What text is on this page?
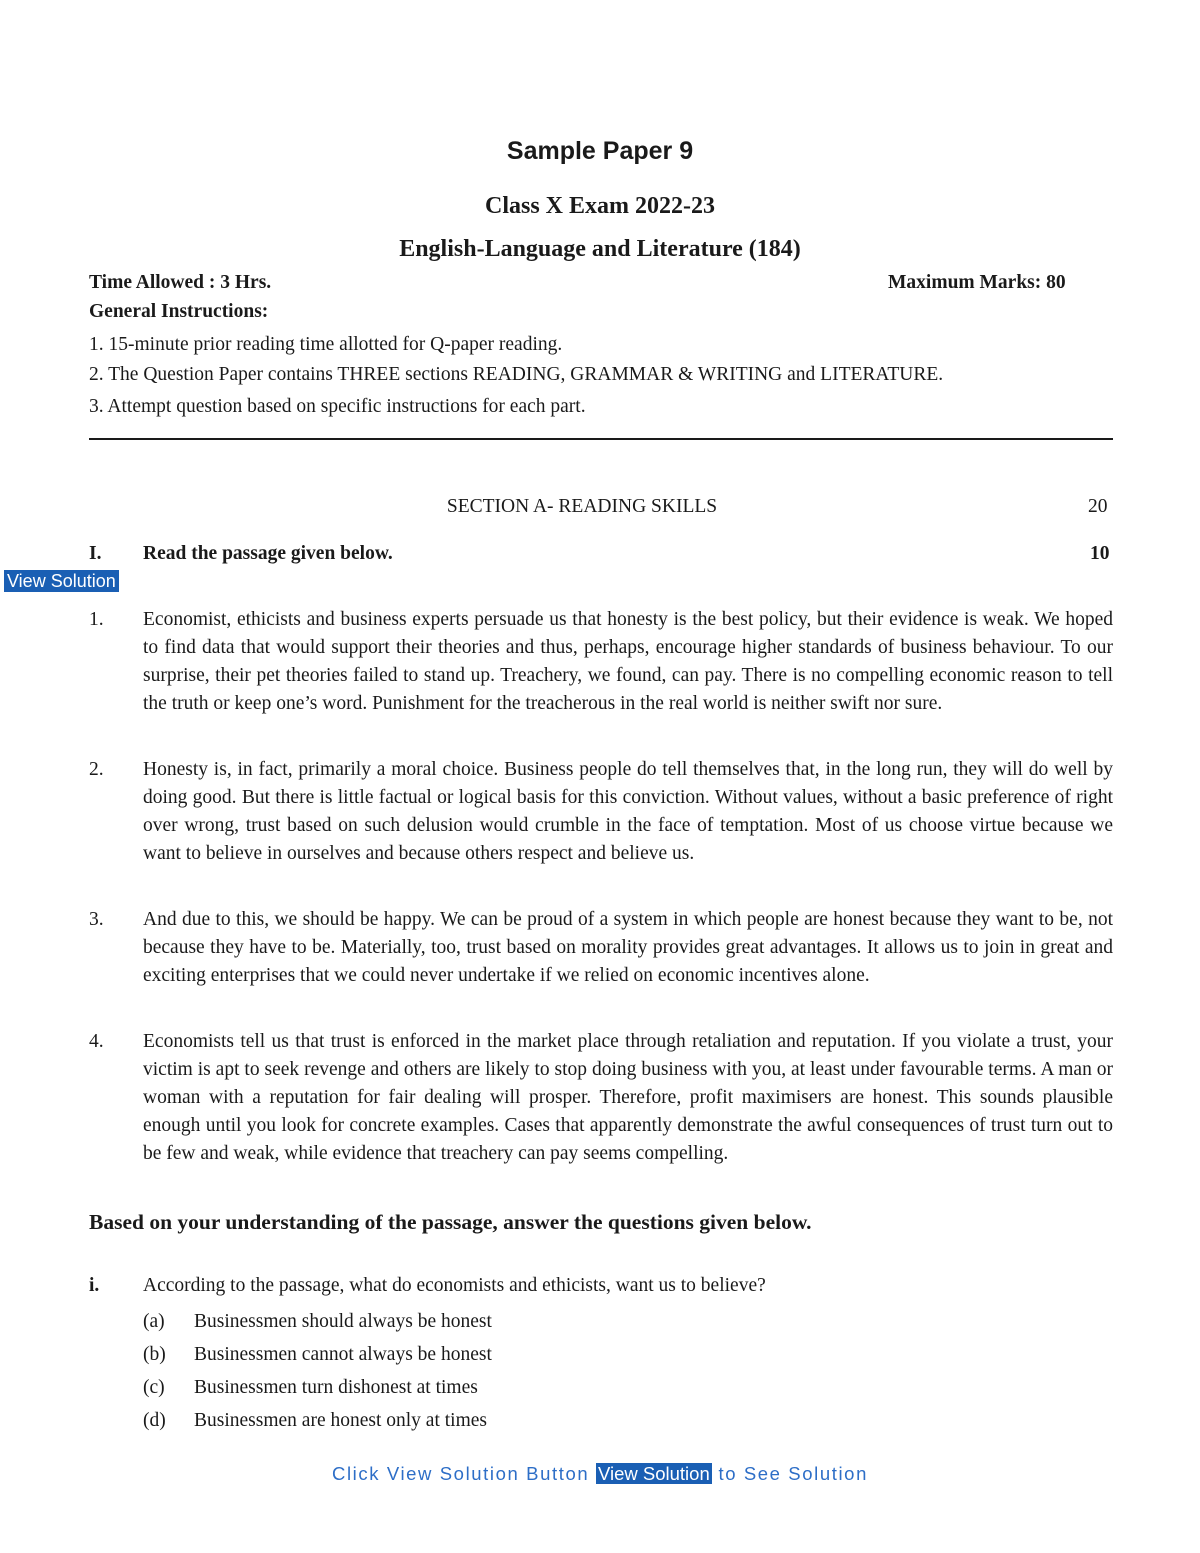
Sample Paper 9
Class X Exam 2022-23
English-Language and Literature (184)
Time Allowed : 3 Hrs.	Maximum Marks: 80
General Instructions:
1. 15-minute prior reading time allotted for Q-paper reading.
2. The Question Paper contains THREE sections READING, GRAMMAR & WRITING and LITERATURE.
3. Attempt question based on specific instructions for each part.
SECTION A- READING SKILLS	20
I. Read the passage given below.	10
View Solution
1.	Economist, ethicists and business experts persuade us that honesty is the best policy, but their evidence is weak. We hoped to find data that would support their theories and thus, perhaps, encourage higher standards of business behaviour. To our surprise, their pet theories failed to stand up. Treachery, we found, can pay. There is no compelling economic reason to tell the truth or keep one’s word. Punishment for the treacherous in the real world is neither swift nor sure.
2.	Honesty is, in fact, primarily a moral choice. Business people do tell themselves that, in the long run, they will do well by doing good. But there is little factual or logical basis for this conviction. Without values, without a basic preference of right over wrong, trust based on such delusion would crumble in the face of temptation. Most of us choose virtue because we want to believe in ourselves and because others respect and believe us.
3.	And due to this, we should be happy. We can be proud of a system in which people are honest because they want to be, not because they have to be. Materially, too, trust based on morality provides great advantages. It allows us to join in great and exciting enterprises that we could never undertake if we relied on economic incentives alone.
4.	Economists tell us that trust is enforced in the market place through retaliation and reputation. If you violate a trust, your victim is apt to seek revenge and others are likely to stop doing business with you, at least under favourable terms. A man or woman with a reputation for fair dealing will prosper. Therefore, profit maximisers are honest. This sounds plausible enough until you look for concrete examples. Cases that apparently demonstrate the awful consequences of trust turn out to be few and weak, while evidence that treachery can pay seems compelling.
Based on your understanding of the passage, answer the questions given below.
i. According to the passage, what do economists and ethicists, want us to believe?
(a) Businessmen should always be honest
(b) Businessmen cannot always be honest
(c) Businessmen turn dishonest at times
(d) Businessmen are honest only at times
Click View Solution Button View Solution to See Solution
